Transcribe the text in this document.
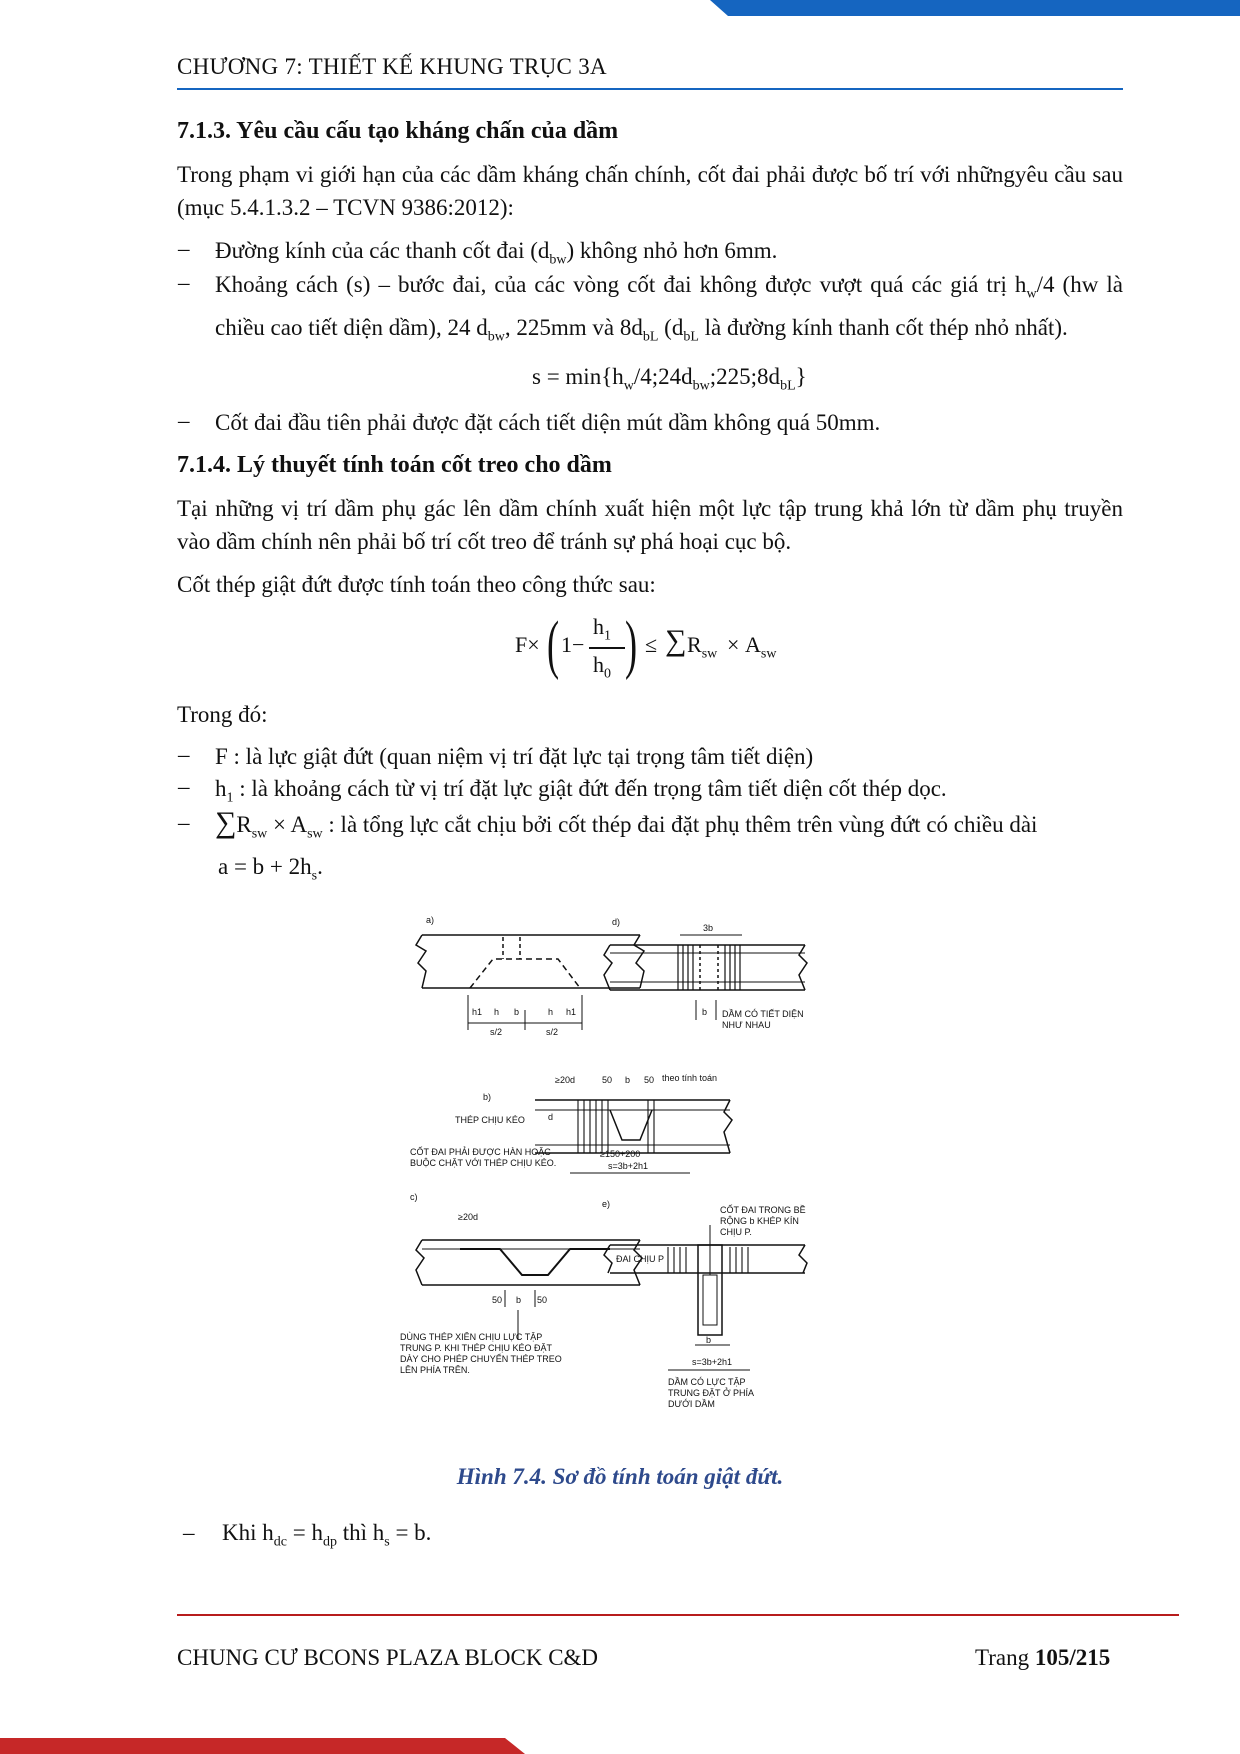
CHƯƠNG 7: THIẾT KẾ KHUNG TRỤC 3A
7.1.3. Yêu cầu cấu tạo kháng chấn của dầm
Trong phạm vi giới hạn của các dầm kháng chấn chính, cốt đai phải được bố trí với nhữngyêu cầu sau (mục 5.4.1.3.2 – TCVN 9386:2012):
– Đường kính của các thanh cốt đai $(d_{bw})$ không nhỏ hơn 6mm.
– Khoảng cách (s) – bước đai, của các vòng cốt đai không được vượt quá các giá trị $h_w/4$ (hw là chiều cao tiết diện dầm), 24 $d_{bw}$, 225mm và $8d_{bL}$ ($d_{bL}$ là đường kính thanh cốt thép nhỏ nhất).
$s = \min\{h_w/4;24d_{bw};225;8d_{bL}\}$
– Cốt đai đầu tiên phải được đặt cách tiết diện mút dầm không quá 50mm.
7.1.4. Lý thuyết tính toán cốt treo cho dầm
Tại những vị trí dầm phụ gác lên dầm chính xuất hiện một lực tập trung khả lớn từ dầm phụ truyền vào dầm chính nên phải bố trí cốt treo để tránh sự phá hoại cục bộ.
Cốt thép giật đứt được tính toán theo công thức sau:
F× ( 1−
$h_1$
$h_0$ ) ≤ ∑ $R_{sw} \times A_{sw}$
Trong đó:
– F : là lực giật đứt (quan niệm vị trí đặt lực tại trọng tâm tiết diện)
– $h_1$ : là khoảng cách từ vị trí đặt lực giật đứt đến trọng tâm tiết diện cốt thép dọc.
– $\sum R_{sw} \times A_{sw}$ : là tổng lực cắt chịu bởi cốt thép đai đặt phụ thêm trên vùng đứt có chiều dài
$a = b + 2h_s$.
a)
h1 h b	h h1
s/2	s/2
d)
3b
b DẦM CÓ TIẾT DIỆN
NHƯ NHAU
b)
≥20d	50 b 50 theo tính toán
d
THÉP CHỊU KÉO
CỐT ĐAI PHẢI ĐƯỢC HÀN HOẶC
BUỘC CHẶT VỚI THÉP CHỊU KÉO.
≥150+200
s=3b+2h1
c)
≥20d
50 b 50
DÙNG THÉP XIÊN CHỊU LỰC TẬP
TRUNG P. KHI THÉP CHỊU KÉO ĐẶT
DÀY CHO PHÉP CHUYỂN THÉP TREO
LÊN PHÍA TRÊN.
e)
CỐT ĐAI TRONG BỀ
RỘNG b KHÉP KÍN
CHỊU P.
ĐAI CHỊU P
b
s=3b+2h1
DẦM CÓ LỰC TẬP
TRUNG ĐẶT Ở PHÍA
DƯỚI DẦM
Hình 7.4. Sơ đồ tính toán giật đứt.
– Khi $h_{dc} = h_{dp}$ thì $h_s = b$.
CHUNG CƯ BCONS PLAZA BLOCK C&D	Trang 105/215
